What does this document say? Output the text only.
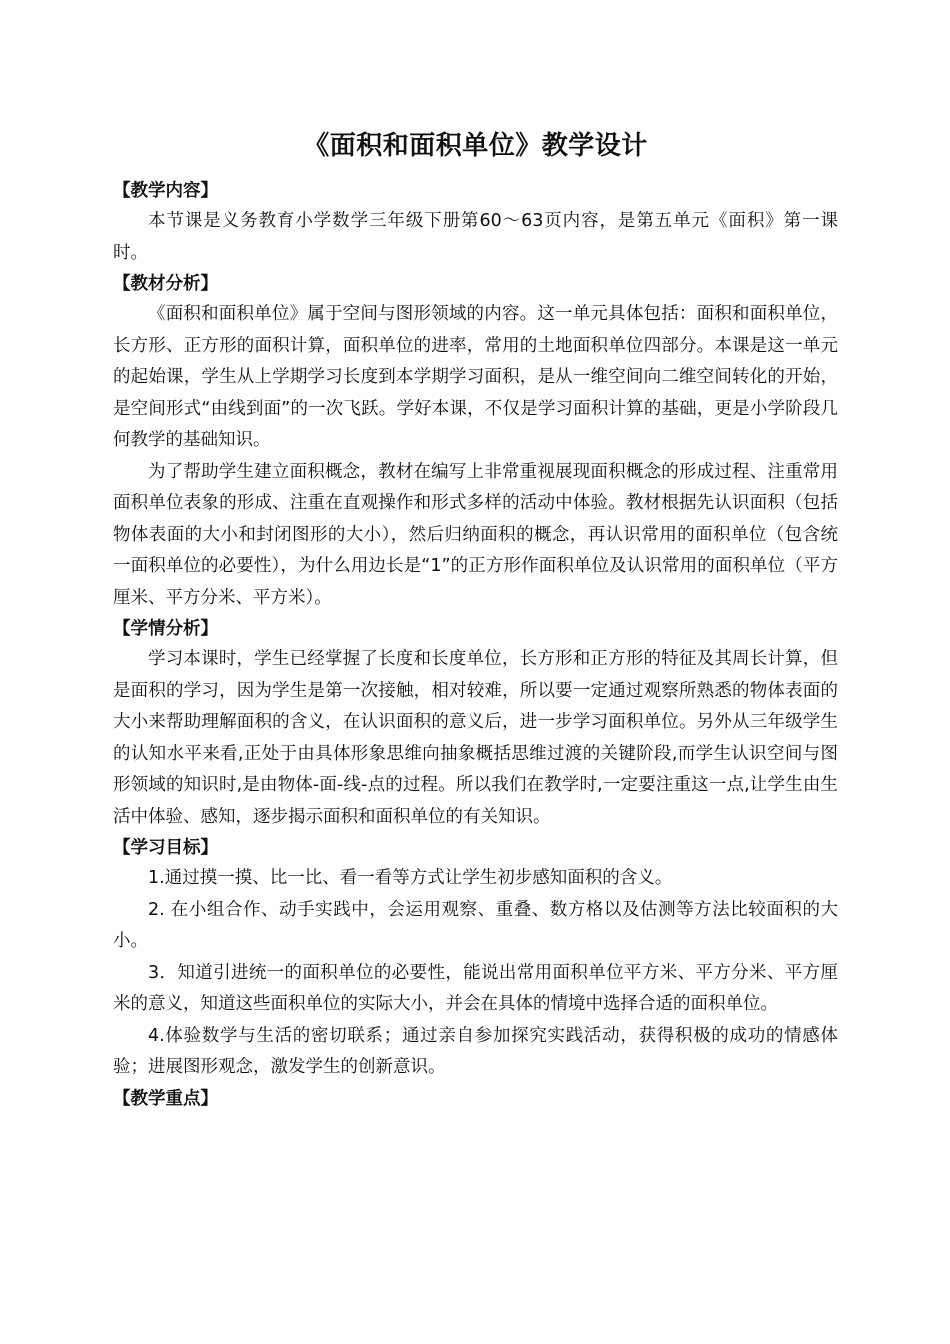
《面积和面积单位》教学设计
【教学内容】

本节课是义务教育小学数学三年级下册第60～63页内容，是第五单元《面积》第一课时。

【教材分析】

《面积和面积单位》属于空间与图形领域的内容。这一单元具体包括：面积和面积单位，长方形、正方形的面积计算，面积单位的进率，常用的土地面积单位四部分。本课是这一单元的起始课，学生从上学期学习长度到本学期学习面积，是从一维空间向二维空间转化的开始，是空间形式“由线到面”的一次飞跃。学好本课，不仅是学习面积计算的基础，更是小学阶段几何教学的基础知识。

为了帮助学生建立面积概念，教材在编写上非常重视展现面积概念的形成过程、注重常用面积单位表象的形成、注重在直观操作和形式多样的活动中体验。教材根据先认识面积（包括物体表面的大小和封闭图形的大小），然后归纳面积的概念，再认识常用的面积单位（包含统一面积单位的必要性），为什么用边长是“1”的正方形作面积单位及认识常用的面积单位（平方厘米、平方分米、平方米）。

【学情分析】

学习本课时，学生已经掌握了长度和长度单位，长方形和正方形的特征及其周长计算，但是面积的学习，因为学生是第一次接触，相对较难，所以要一定通过观察所熟悉的物体表面的大小来帮助理解面积的含义，在认识面积的意义后，进一步学习面积单位。另外从三年级学生的认知水平来看,正处于由具体形象思维向抽象概括思维过渡的关键阶段,而学生认识空间与图形领域的知识时,是由物体-面-线-点的过程。所以我们在教学时,一定要注重这一点,让学生由生活中体验、感知，逐步揭示面积和面积单位的有关知识。

【学习目标】

1.通过摸一摸、比一比、看一看等方式让学生初步感知面积的含义。

2. 在小组合作、动手实践中，会运用观察、重叠、数方格以及估测等方法比较面积的大小。

3．知道引进统一的面积单位的必要性，能说出常用面积单位平方米、平方分米、平方厘米的意义，知道这些面积单位的实际大小，并会在具体的情境中选择合适的面积单位。

4.体验数学与生活的密切联系；通过亲自参加探究实践活动，获得积极的成功的情感体验；进展图形观念，激发学生的创新意识。

【教学重点】
